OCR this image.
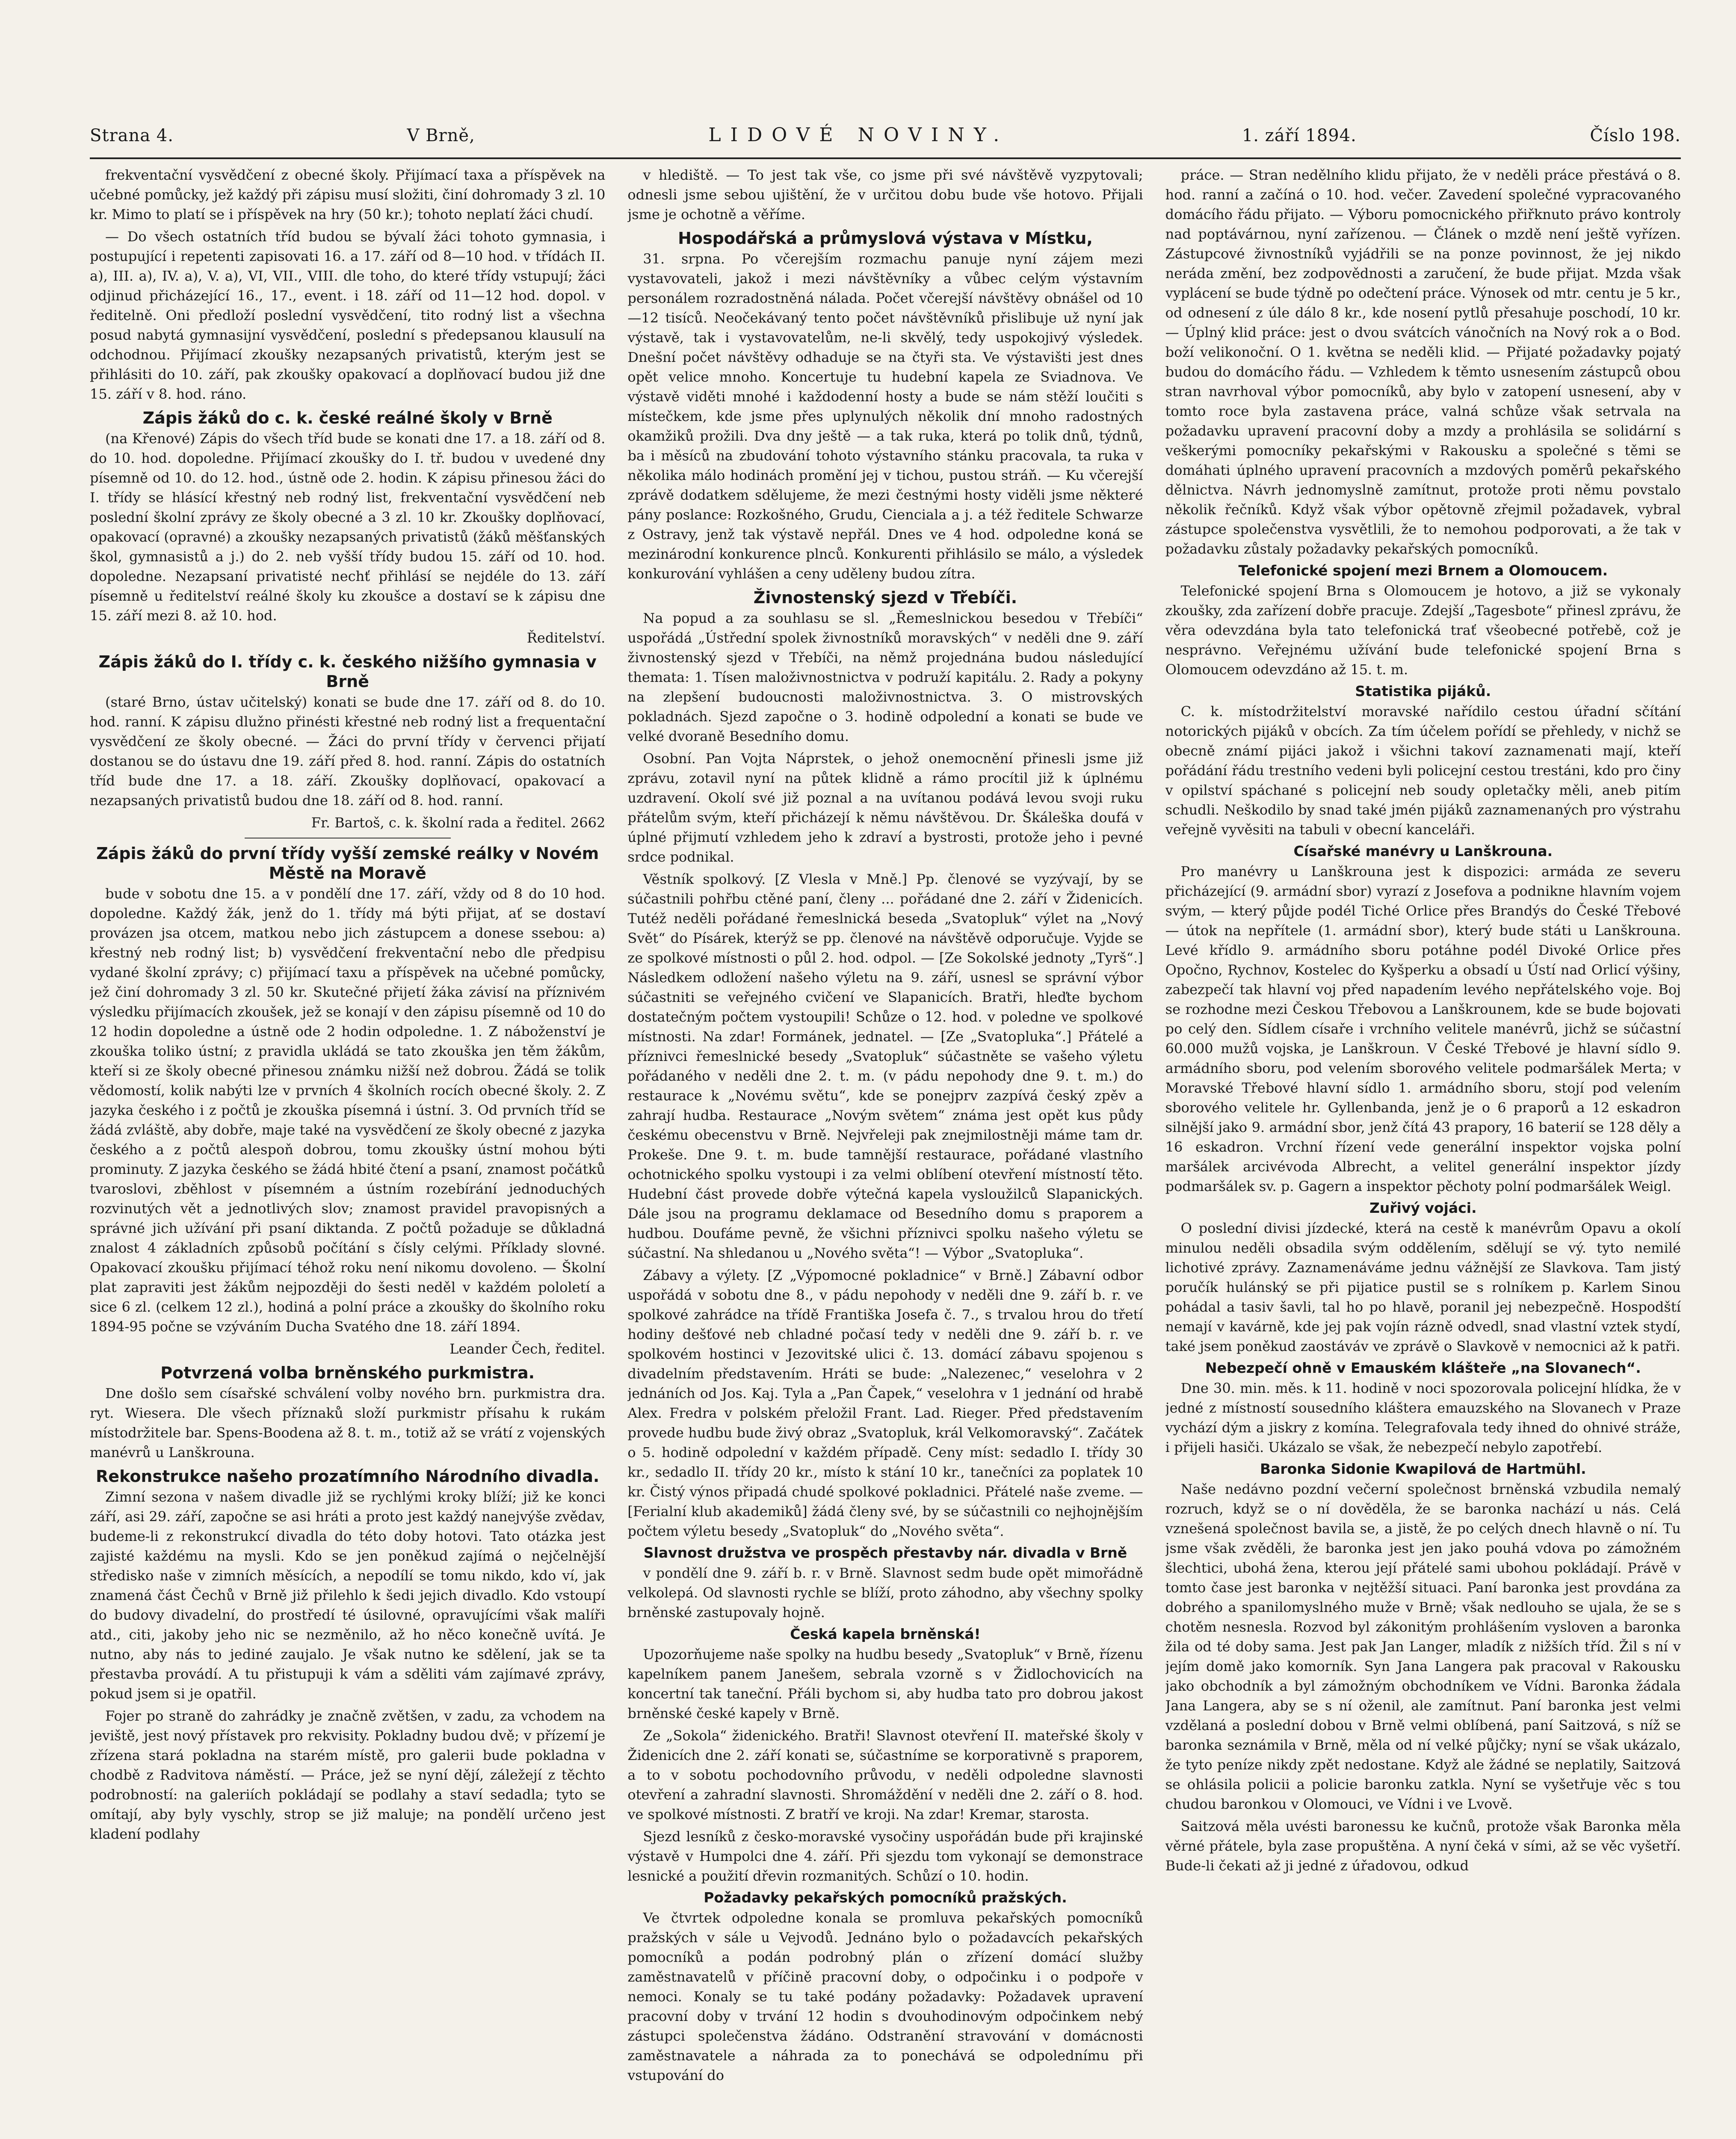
Strana 4.	V Brně,	LIDOVÉ NOVINY.	1. září 1894.	Číslo 198.

frekventační vysvědčení z obecné školy. Přijímací taxa a příspěvek na učebné pomůcky, jež každý při zápisu musí složiti, činí dohromady 3 zl. 10 kr. Mimo to platí se i příspěvek na hry (50 kr.); tohoto neplatí žáci chudí.

— Do všech ostatních tříd budou se bývalí žáci tohoto gymnasia, i postupující i repetenti zapisovati 16. a 17. září od 8—10 hod. v třídách II. a), III. a), IV. a), V. a), VI, VII., VIII. dle toho, do které třídy vstupují; žáci odjinud přicházející 16., 17., event. i 18. září od 11—12 hod. dopol. v ředitelně. Oni předloží poslední vysvědčení, tito rodný list a všechna posud nabytá gymnasijní vysvědčení, poslední s předepsanou klausulí na odchodnou. Přijímací zkoušky nezapsaných privatistů, kterým jest se přihlásiti do 10. září, pak zkoušky opakovací a doplňovací budou již dne 15. září v 8. hod. ráno.

Zápis žáků do c. k. české reálné školy v Brně

(na Křenové) Zápis do všech tříd bude se konati dne 17. a 18. září od 8. do 10. hod. dopoledne. Přijímací zkoušky do I. tř. budou v uvedené dny písemně od 10. do 12. hod., ústně ode 2. hodin. K zápisu přinesou žáci do I. třídy se hlásící křestný neb rodný list, frekventační vysvědčení neb poslední školní zprávy ze školy obecné a 3 zl. 10 kr. Zkoušky doplňovací, opakovací (opravné) a zkoušky nezapsaných privatistů (žáků měšťanských škol, gymnasistů a j.) do 2. neb vyšší třídy budou 15. září od 10. hod. dopoledne. Nezapsaní privatisté nechť přihlásí se nejdéle do 13. září písemně u ředitelství reálné školy ku zkoušce a dostaví se k zápisu dne 15. září mezi 8. až 10. hod.

Ředitelství.

Zápis žáků do I. třídy c. k. českého nižšího gymnasia v Brně

(staré Brno, ústav učitelský) konati se bude dne 17. září od 8. do 10. hod. ranní. K zápisu dlužno přinésti křestné neb rodný list a frequentační vysvědčení ze školy obecné. — Žáci do první třídy v červenci přijatí dostanou se do ústavu dne 19. září před 8. hod. ranní. Zápis do ostatních tříd bude dne 17. a 18. září. Zkoušky doplňovací, opakovací a nezapsaných privatistů budou dne 18. září od 8. hod. ranní.

Fr. Bartoš, c. k. školní rada a ředitel. 2662

Zápis žáků do první třídy vyšší zemské reálky v Novém Městě na Moravě

bude v sobotu dne 15. a v pondělí dne 17. září, vždy od 8 do 10 hod. dopoledne. Každý žák, jenž do 1. třídy má býti přijat, ať se dostaví provázen jsa otcem, matkou nebo jich zástupcem a donese ssebou: a) křestný neb rodný list; b) vysvědčení frekventační nebo dle předpisu vydané školní zprávy; c) přijímací taxu a příspěvek na učebné pomůcky, jež činí dohromady 3 zl. 50 kr. Skutečné přijetí žáka závisí na příznivém výsledku přijímacích zkoušek, jež se konají v den zápisu písemně od 10 do 12 hodin dopoledne a ústně ode 2 hodin odpoledne. 1. Z náboženství je zkouška toliko ústní; z pravidla ukládá se tato zkouška jen těm žákům, kteří si ze školy obecné přinesou známku nižší než dobrou. Žádá se tolik vědomostí, kolik nabýti lze v prvních 4 školních rocích obecné školy. 2. Z jazyka českého i z počtů je zkouška písemná i ústní. 3. Od prvních tříd se žádá zvláště, aby dobře, maje také na vysvědčení ze školy obecné z jazyka českého a z počtů alespoň dobrou, tomu zkoušky ústní mohou býti prominuty. Z jazyka českého se žádá hbité čtení a psaní, znamost počátků tvaroslovi, zběhlost v písemném a ústním rozebírání jednoduchých rozvinutých vět a jednotlivých slov; znamost pravidel pravopisných a správné jich užívání při psaní diktanda. Z počtů požaduje se důkladná znalost 4 základních způsobů počítání s čísly celými. Příklady slovné. Opakovací zkoušku přijímací téhož roku není nikomu dovoleno. — Školní plat zapraviti jest žákům nejpozději do šesti neděl v každém pololetí a sice 6 zl. (celkem 12 zl.), hodiná a polní práce a zkoušky do školního roku 1894-95 počne se vzýváním Ducha Svatého dne 18. září 1894.

Leander Čech, ředitel.

Potvrzená volba brněnského purkmistra.

Dne došlo sem císařské schválení volby nového brn. purkmistra dra. ryt. Wiesera. Dle všech příznaků složí purkmistr přísahu k rukám místodržitele bar. Spens-Boodena až 8. t. m., totiž až se vrátí z vojenských manévrů u Lanškrouna.

Rekonstrukce našeho prozatímního Národního divadla.

Zimní sezona v našem divadle již se rychlými kroky blíží; již ke konci září, asi 29. září, započne se asi hráti a proto jest každý nanejvýše zvědav, budeme-li z rekonstrukcí divadla do této doby hotovi. Tato otázka jest zajisté každému na mysli. Kdo se jen poněkud zajímá o nejčelnější středisko naše v zimních měsících, a nepodílí se tomu nikdo, kdo ví, jak znamená část Čechů v Brně již přilehlo k šedi jejich divadlo. Kdo vstoupí do budovy divadelní, do prostředí té úsilovné, opravujícími však malíři atd., citi, jakoby jeho nic se nezměnilo, až ho něco konečně uvítá. Je nutno, aby nás to jediné zaujalo. Je však nutno ke sdělení, jak se ta přestavba provádí. A tu přistupuji k vám a sděliti vám zajímavé zprávy, pokud jsem si je opatřil.

Fojer po straně do zahrádky je značně zvětšen, v zadu, za vchodem na jeviště, jest nový přístavek pro rekvisity. Pokladny budou dvě; v přízemí je zřízena stará pokladna na starém místě, pro galerii bude pokladna v chodbě z Radvitova náměstí. — Práce, jež se nyní dějí, záležejí z těchto podrobností: na galeriích pokládají se podlahy a staví sedadla; tyto se omítají, aby byly vyschly, strop se již maluje; na pondělí určeno jest kladení podlahy

v hlediště. — To jest tak vše, co jsme při své návštěvě vyzpytovali; odnesli jsme sebou ujištění, že v určitou dobu bude vše hotovo. Přijali jsme je ochotně a věříme.

Hospodářská a průmyslová výstava v Místku,

31. srpna. Po včerejším rozmachu panuje nyní zájem mezi vystavovateli, jakož i mezi návštěvníky a vůbec celým výstavním personálem rozradostněná nálada. Počet včerejší návštěvy obnášel od 10—12 tisíců. Neočekávaný tento počet návštěvníků přislibuje už nyní jak výstavě, tak i vystavovatelům, ne-li skvělý, tedy uspokojivý výsledek. Dnešní počet návštěvy odhaduje se na čtyři sta. Ve výstavišti jest dnes opět velice mnoho. Koncertuje tu hudební kapela ze Sviadnova. Ve výstavě viděti mnohé i každodenní hosty a bude se nám stěží loučiti s místečkem, kde jsme přes uplynulých několik dní mnoho radostných okamžiků prožili. Dva dny ještě — a tak ruka, která po tolik dnů, týdnů, ba i měsíců na zbudování tohoto výstavního stánku pracovala, ta ruka v několika málo hodinách promění jej v tichou, pustou stráň. — Ku včerejší zprávě dodatkem sdělujeme, že mezi čestnými hosty viděli jsme některé pány poslance: Rozkošného, Grudu, Cienciala a j. a též ředitele Schwarze z Ostravy, jenž tak výstavě nepřál. Dnes ve 4 hod. odpoledne koná se mezinárodní konkurence plnců. Konkurenti přihlásilo se málo, a výsledek konkurování vyhlášen a ceny uděleny budou zítra.

Živnostenský sjezd v Třebíči.

Na popud a za souhlasu se sl. „Řemeslnickou besedou v Třebíči“ uspořádá „Ústřední spolek živnostníků moravských“ v neděli dne 9. září živnostenský sjezd v Třebíči, na němž projednána budou následující themata: 1. Tísen maloživnostnictva v podruží kapitálu. 2. Rady a pokyny na zlepšení budoucnosti maloživnostnictva. 3. O mistrovských pokladnách. Sjezd započne o 3. hodině odpolední a konati se bude ve velké dvoraně Besedního domu.

Osobní. Pan Vojta Náprstek, o jehož onemocnění přinesli jsme již zprávu, zotavil nyní na půtek klidně a rámo procítil již k úplnému uzdravení. Okolí své již poznal a na uvítanou podává levou svoji ruku přátelům svým, kteří přicházejí k němu návštěvou. Dr. Škáleška doufá v úplné přijmutí vzhledem jeho k zdraví a bystrosti, protože jeho i pevné srdce podnikal.

Věstník spolkový. [Z Vlesla v Mně.] Pp. členové se vyzývají, by se súčastnili pohřbu ctěné paní, členy ... pořádané dne 2. září v Židenicích. Tutéž neděli pořádané řemeslnická beseda „Svatopluk“ výlet na „Nový Svět“ do Písárek, kterýž se pp. členové na návštěvě odporučuje. Vyjde se ze spolkové místnosti o půl 2. hod. odpol. — [Ze Sokolské jednoty „Tyrš“.] Následkem odložení našeho výletu na 9. září, usnesl se správní výbor súčastniti se veřejného cvičení ve Slapanicích. Bratři, hleďte bychom dostatečným počtem vystoupili! Schůze o 12. hod. v poledne ve spolkové místnosti. Na zdar! Formánek, jednatel. — [Ze „Svatopluka“.] Přátelé a příznivci řemeslnické besedy „Svatopluk“ súčastněte se vašeho výletu pořádaného v neděli dne 2. t. m. (v pádu nepohody dne 9. t. m.) do restaurace k „Novému světu“, kde se ponejprv zazpívá český zpěv a zahrají hudba. Restaurace „Novým světem“ známa jest opět kus půdy českému obecenstvu v Brně. Nejvřeleji pak znejmilostněji máme tam dr. Prokeše. Dne 9. t. m. bude tamnější restaurace, pořádané vlastního ochotnického spolku vystoupi i za velmi oblíbení otevření místností těto. Hudební část provede dobře výtečná kapela vysloužilců Slapanických. Dále jsou na programu deklamace od Besedního domu s praporem a hudbou. Doufáme pevně, že všichni příznivci spolku našeho výletu se súčastní. Na shledanou u „Nového světa“! — Výbor „Svatopluka“.

Zábavy a výlety. [Z „Výpomocné pokladnice“ v Brně.] Zábavní odbor uspořádá v sobotu dne 8., v pádu nepohody v neděli dne 9. září b. r. ve spolkové zahrádce na třídě Františka Josefa č. 7., s trvalou hrou do třetí hodiny dešťové neb chladné počasí tedy v neděli dne 9. září b. r. ve spolkovém hostinci v Jezovitské ulici č. 13. domácí zábavu spojenou s divadelním představením. Hráti se bude: „Nalezenec,“ veselohra v 2 jednáních od Jos. Kaj. Tyla a „Pan Čapek,“ veselohra v 1 jednání od hrabě Alex. Fredra v polském přeložil Frant. Lad. Rieger. Před představením provede hudbu bude živý obraz „Svatopluk, král Velkomoravský“. Začátek o 5. hodině odpolední v každém případě. Ceny míst: sedadlo I. třídy 30 kr., sedadlo II. třídy 20 kr., místo k stání 10 kr., tanečníci za poplatek 10 kr. Čistý výnos připadá chudé spolkové pokladnici. Přátelé naše zveme. — [Ferialní klub akademiků] žádá členy své, by se súčastnili co nejhojnějším počtem výletu besedy „Svatopluk“ do „Nového světa“.

Slavnost družstva ve prospěch přestavby nár. divadla v Brně

v pondělí dne 9. září b. r. v Brně. Slavnost sedm bude opět mimořádně velkolepá. Od slavnosti rychle se blíží, proto záhodno, aby všechny spolky brněnské zastupovaly hojně.

Česká kapela brněnská!

Upozorňujeme naše spolky na hudbu besedy „Svatopluk“ v Brně, řízenu kapelníkem panem Janešem, sebrala vzorně s v Židlochovicích na koncertní tak taneční. Přáli bychom si, aby hudba tato pro dobrou jakost brněnské české kapely v Brně.

Ze „Sokola“ židenického. Bratři! Slavnost otevření II. mateřské školy v Židenicích dne 2. září konati se, súčastníme se korporativně s praporem, a to v sobotu pochodovního průvodu, v neděli odpoledne slavnosti otevření a zahradní slavnosti. Shromáždění v neděli dne 2. září o 8. hod. ve spolkové místnosti. Z bratří ve kroji. Na zdar! Kremar, starosta.

Sjezd lesníků z česko-moravské vysočiny uspořádán bude při krajinské výstavě v Humpolci dne 4. září. Při sjezdu tom vykonají se demonstrace lesnické a použití dřevin rozmanitých. Schůzí o 10. hodin.

Požadavky pekařských pomocníků pražských.

Ve čtvrtek odpoledne konala se promluva pekařských pomocníků pražských v sále u Vejvodů. Jednáno bylo o požadavcích pekařských pomocníků a podán podrobný plán o zřízení domácí služby zaměstnavatelů v příčině pracovní doby, o odpočinku i o podpoře v nemoci. Konaly se tu také podány požadavky: Požadavek upravení pracovní doby v trvání 12 hodin s dvouhodinovým odpočinkem nebý zástupci společenstva žádáno. Odstranění stravování v domácnosti zaměstnavatele a náhrada za to ponechává se odpolednímu při vstupování do

práce. — Stran nedělního klidu přijato, že v neděli práce přestává o 8. hod. ranní a začíná o 10. hod. večer. Zavedení společné vypracovaného domácího řádu přijato. — Výboru pomocnického přiřknuto právo kontroly nad poptávárnou, nyní zařízenou. — Článek o mzdě není ještě vyřízen. Zástupcové živnostníků vyjádřili se na ponze povinnost, že jej nikdo neráda změní, bez zodpovědnosti a zaručení, že bude přijat. Mzda však vyplácení se bude týdně po odečtení práce. Výnosek od mtr. centu je 5 kr., od odnesení z úle dálo 8 kr., kde nosení pytlů přesahuje poschodí, 10 kr. — Úplný klid práce: jest o dvou svátcích vánočních na Nový rok a o Bod. boží velikonoční. O 1. května se neděli klid. — Přijaté požadavky pojatý budou do domácího řádu. — Vzhledem k těmto usnesením zástupců obou stran navrhoval výbor pomocníků, aby bylo v zatopení usnesení, aby v tomto roce byla zastavena práce, valná schůze však setrvala na požadavku upravení pracovní doby a mzdy a prohlásila se solidární s veškerými pomocníky pekařskými v Rakousku a společné s těmi se domáhati úplného upravení pracovních a mzdových poměrů pekařského dělnictva. Návrh jednomyslně zamítnut, protože proti němu povstalo několik řečníků. Když však výbor opětovně zřejmil požadavek, vybral zástupce společenstva vysvětlili, že to nemohou podporovati, a že tak v požadavku zůstaly požadavky pekařských pomocníků.

Telefonické spojení mezi Brnem a Olomoucem.

Telefonické spojení Brna s Olomoucem je hotovo, a již se vykonaly zkoušky, zda zařízení dobře pracuje. Zdejší „Tagesbote“ přinesl zprávu, že věra odevzdána byla tato telefonická trať všeobecné potřebě, což je nesprávno. Veřejnému užívání bude telefonické spojení Brna s Olomoucem odevzdáno až 15. t. m.

Statistika pijáků.

C. k. místodržitelství moravské nařídilo cestou úřadní sčítání notorických pijáků v obcích. Za tím účelem pořídí se přehledy, v nichž se obecně známí pijáci jakož i všichni takoví zaznamenati mají, kteří pořádání řádu trestního vedeni byli policejní cestou trestáni, kdo pro činy v opilství spáchané s policejní neb soudy opletačky měli, aneb pitím schudli. Neškodilo by snad také jmén pijáků zaznamenaných pro výstrahu veřejně vyvěsiti na tabuli v obecní kanceláři.

Císařské manévry u Lanškrouna.

Pro manévry u Lanškrouna jest k dispozici: armáda ze severu přicházející (9. armádní sbor) vyrazí z Josefova a podnikne hlavním vojem svým, — který půjde podél Tiché Orlice přes Brandýs do České Třebové — útok na nepřítele (1. armádní sbor), který bude státi u Lanškrouna. Levé křídlo 9. armádního sboru potáhne podél Divoké Orlice přes Opočno, Rychnov, Kostelec do Kyšperku a obsadí u Ústí nad Orlicí výšiny, zabezpečí tak hlavní voj před napadením levého nepřátelského voje. Boj se rozhodne mezi Českou Třebovou a Lanškrounem, kde se bude bojovati po celý den. Sídlem císaře i vrchního velitele manévrů, jichž se súčastní 60.000 mužů vojska, je Lanškroun. V České Třebové je hlavní sídlo 9. armádního sboru, pod velením sborového velitele podmaršálek Merta; v Moravské Třebové hlavní sídlo 1. armádního sboru, stojí pod velením sborového velitele hr. Gyllenbanda, jenž je o 6 praporů a 12 eskadron silnější jako 9. armádní sbor, jenž čítá 43 prapory, 16 baterií se 128 děly a 16 eskadron. Vrchní řízení vede generální inspektor vojska polní maršálek arcivévoda Albrecht, a velitel generální inspektor jízdy podmaršálek sv. p. Gagern a inspektor pěchoty polní podmaršálek Weigl.

Zuřivý vojáci.

O poslední divisi jízdecké, která na cestě k manévrům Opavu a okolí minulou neděli obsadila svým oddělením, sdělují se vý. tyto nemilé lichotivé zprávy. Zaznamenáváme jednu vážnější ze Slavkova. Tam jistý poručík hulánský se při pijatice pustil se s rolníkem p. Karlem Sinou pohádal a tasiv šavli, tal ho po hlavě, poranil jej nebezpečně. Hospodští nemají v kavárně, kde jej pak vojín rázně odvedl, snad vlastní vztek stydí, také jsem poněkud zaostáváv ve zprávě o Slavkově v nemocnici až k patři.

Nebezpečí ohně v Emauském klášteře „na Slovanech“.

Dne 30. min. měs. k 11. hodině v noci spozorovala policejní hlídka, že v jedné z místností sousedního kláštera emauzského na Slovanech v Praze vychází dým a jiskry z komína. Telegrafovala tedy ihned do ohnivé stráže, i přijeli hasiči. Ukázalo se však, že nebezpečí nebylo zapotřebí.

Baronka Sidonie Kwapilová de Hartmühl.

Naše nedávno pozdní večerní společnost brněnská vzbudila nemalý rozruch, když se o ní dověděla, že se baronka nachází u nás. Celá vznešená společnost bavila se, a jistě, že po celých dnech hlavně o ní. Tu jsme však zvěděli, že baronka jest jen jako pouhá vdova po zámožném šlechtici, ubohá žena, kterou její přátelé sami ubohou pokládají. Právě v tomto čase jest baronka v nejtěžší situaci. Paní baronka jest provdána za dobrého a spanilomyslného muže v Brně; však nedlouho se ujala, že se s chotěm nesnesla. Rozvod byl zákonitým prohlášením vysloven a baronka žila od té doby sama. Jest pak Jan Langer, mladík z nižších tříd. Žil s ní v jejím domě jako komorník. Syn Jana Langera pak pracoval v Rakousku jako obchodník a byl zámožným obchodníkem ve Vídni. Baronka žádala Jana Langera, aby se s ní oženil, ale zamítnut. Paní baronka jest velmi vzdělaná a poslední dobou v Brně velmi oblíbená, paní Saitzová, s níž se baronka seznámila v Brně, měla od ní velké půjčky; nyní se však ukázalo, že tyto peníze nikdy zpět nedostane. Když ale žádné se neplatily, Saitzová se ohlásila policii a policie baronku zatkla. Nyní se vyšetřuje věc s tou chudou baronkou v Olomouci, ve Vídni i ve Lvově.

Saitzová měla uvésti baronessu ke kučnů, protože však Baronka měla věrné přátele, byla zase propuštěna. A nyní čeká v sími, až se věc vyšetří. Bude-li čekati až ji jedné z úřadovou, odkud
